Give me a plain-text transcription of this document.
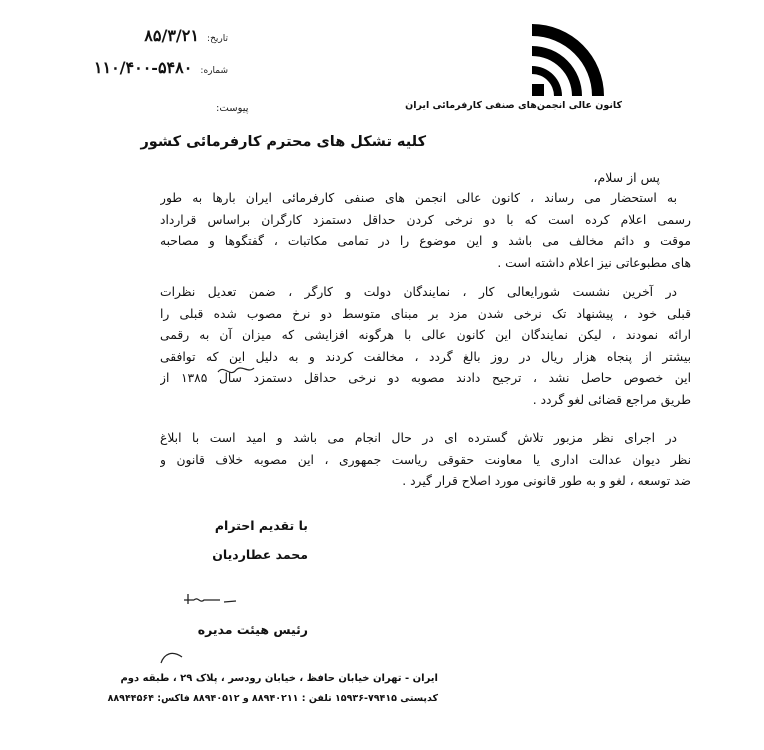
تاریخ: ۸۵/۳/۲۱
شماره: ۵۴۸۰-۱۱۰/۴۰۰
پیوست:	کانون عالی انجمن‌های صنفی کارفرمائی ایران
کلیه تشکل های محترم کارفرمائی کشور
پس از سلام،
به استحضار می رساند ، کانون عالی انجمن های صنفی کارفرمائی ایران بارها به طور
رسمی اعلام کرده است که با دو نرخی کردن حداقل دستمزد کارگران براساس قرارداد
موقت و دائم مخالف می باشد و این موضوع را در تمامی مکاتبات ، گفتگوها و مصاحبه
های مطبوعاتی نیز اعلام داشته است .
در آخرین نشست شورایعالی کار ، نمایندگان دولت و کارگر ، ضمن تعدیل نظرات
قبلی خود ، پیشنهاد تک نرخی شدن مزد بر مبنای متوسط دو نرخ مصوب شده قبلی را
ارائه نمودند ، لیکن نمایندگان این کانون عالی با هرگونه افزایشی که میزان آن به رقمی
بیشتر از پنجاه هزار ریال در روز بالغ گردد ، مخالفت کردند و به دلیل این که توافقی
این خصوص حاصل نشد ، ترجیح دادند مصوبه دو نرخی حداقل دستمزد سال ۱۳۸۵ از
طریق مراجع قضائی لغو گردد .
در اجرای نظر مزبور تلاش گسترده ای در حال انجام می باشد و امید است با ابلاغ
نظر دیوان عدالت اداری یا معاونت حقوقی ریاست جمهوری ، این مصوبه خلاف قانون و
ضد توسعه ، لغو و به طور قانونی مورد اصلاح قرار گیرد .
با تقدیم احترام
محمد عطاردیان
رئیس هیئت مدیره
ایران - تهران خیابان حافظ ، خیابان رودسر ، پلاک ۲۹ ، طبقه دوم
کدپستی ۷۹۴۱۵-۱۵۹۳۶ تلفن : ۸۸۹۴۰۲۱۱ و ۸۸۹۴۰۵۱۲ فاکس: ۸۸۹۴۴۵۶۴
